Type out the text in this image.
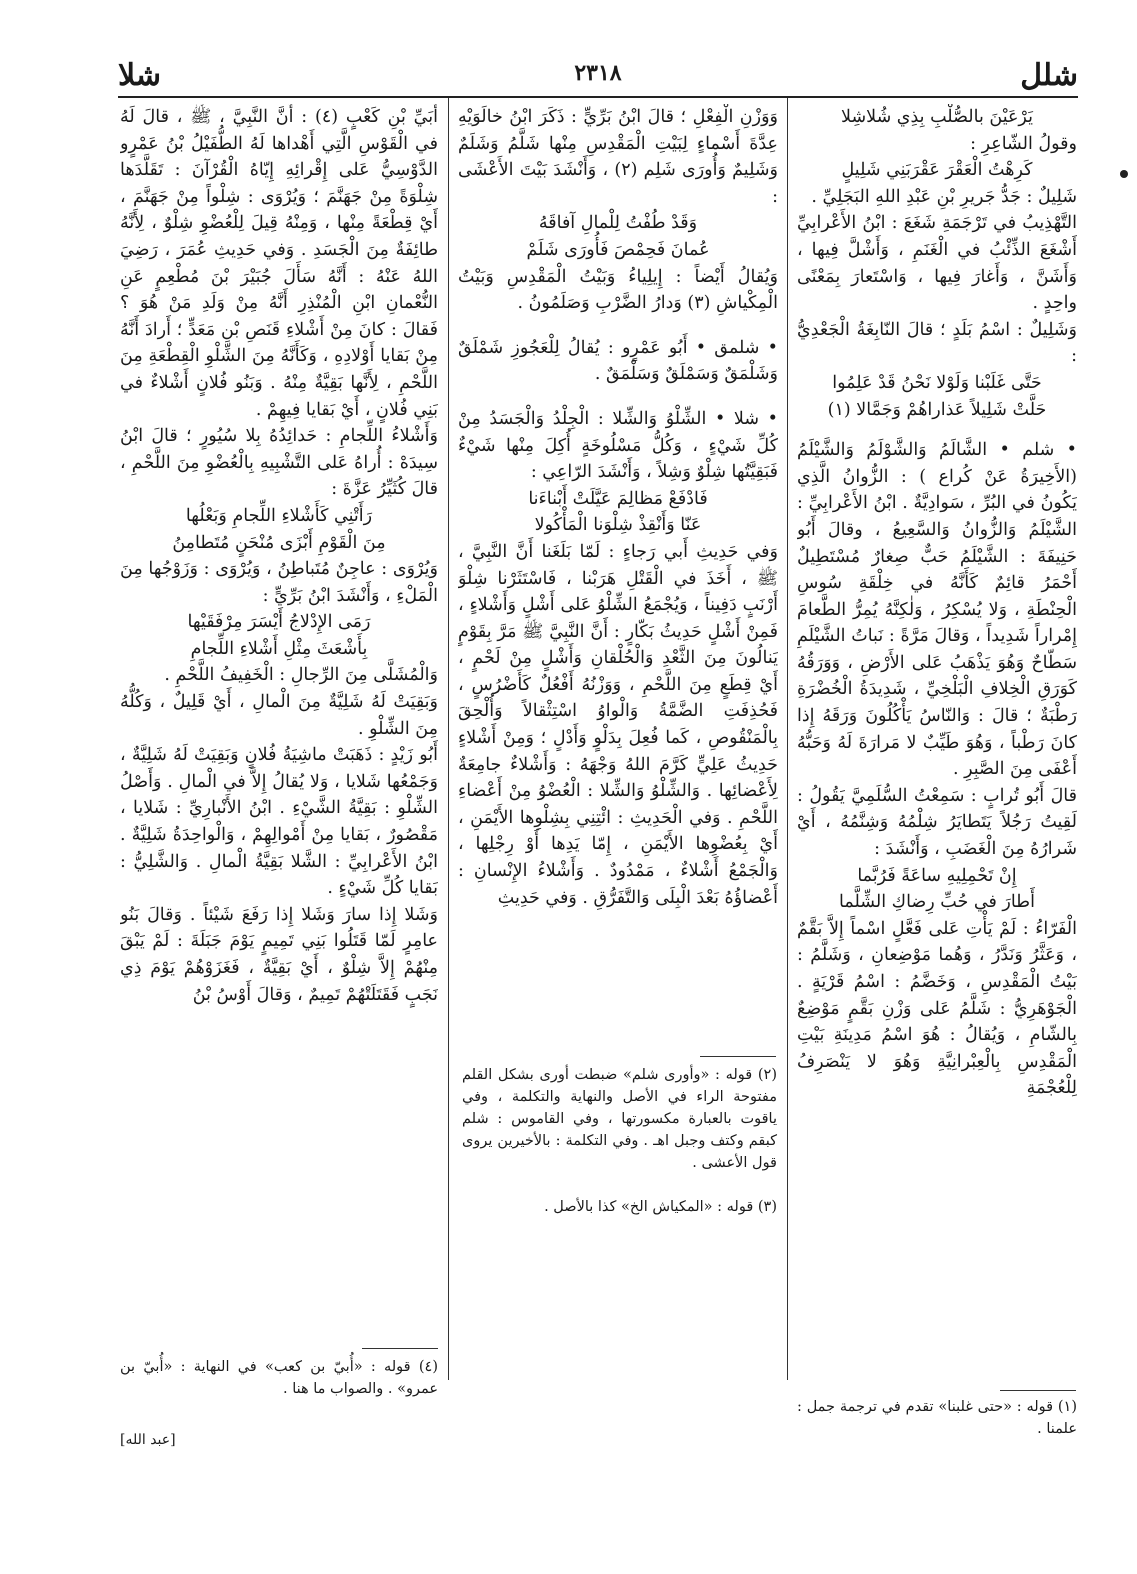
شلل
٢٣١٨
شلا

يَرْعَيْنَ بالصُّلْبِ بِذِي شُلاشِلا

وقولُ الشّاعِرِ :

كَرِهْتُ الْعَقْرَ عَقْرَبَنِي شَلِيلٍ

شَلِيلٌ : جَدُّ جَريرِ بْنِ عَبْدِ اللهِ البَجَلِيِّ .

التَّهْذِيبُ في تَرْجَمَةِ شَغَعَ : ابْنُ الأَعْرابِيِّ أَشْغَعَ الذِّئْبُ في الْغَنَمِ ، وَأَشْلَّ فِيها ، وَأَشَنَّ ، وَأَغارَ فِيها ، وَاسْتَعارَ بِمَعْنًى واحِدٍ .

وَشَلِيلٌ : اسْمُ بَلَدٍ ؛ قالَ النّابِغَةُ الْجَعْدِيُّ :

حَتَّى غَلَبْنا وَلَوْلا نَحْنُ قَدْ عَلِمُوا

حَلَّتْ شَلِيلاً عَذاراهُمْ وَجَمَّالا (١)

• شلم • الشَّالَمُ وَالشَّوْلَمُ وَالشَّيْلَمُ (الأَخِيرَةُ عَنْ كُراع ) : الزُّوانُ الَّذِي يَكُونُ في البُرِّ ، سَوادِيَّةٌ . ابْنُ الأَعْرابِيِّ : الشَّيْلَمُ وَالزُّوانُ وَالسَّعِيعُ ، وقالَ أَبُو حَنِيفَةَ : الشَّيْلَمُ حَبٌّ صِغارٌ مُسْتَطِيلٌ أَحْمَرُ قائِمٌ كَأَنَّهُ في خِلْقَةِ سُوسِ الْحِنْطَةِ ، وَلا يُسْكِرُ ، وَلٰكِنَّهُ يُمِرُّ الطَّعامَ إِمْراراً شَدِيداً ، وَقالَ مَرَّةً : نَباتُ الشَّيْلَمِ سَطّاحٌ وَهُوَ يَذْهَبُ عَلى الأَرْضِ ، وَوَرَقُهُ كَوَرَقِ الْخِلافِ الْبَلْخِيِّ ، شَدِيدَةُ الْخُضْرَةِ رَطْبَةٌ ؛ قالَ : وَالنّاسُ يَأْكُلُونَ وَرَقَهُ إِذا كانَ رَطْباً ، وَهُوَ طَيِّبٌ لا مَرارَةَ لَهُ وَحَبُّهُ أَعْفَى مِنَ الصَّبِرِ .

قالَ أَبُو تُرابٍ : سَمِعْتُ السُّلَمِيَّ يَقُولُ : لَقِيتُ رَجُلاً يَتَطايَرُ شِلْمُهُ وَشِنَّمُهُ ، أَيْ شَرارُهُ مِنَ الْغَضَبِ ، وَأَنْشَدَ :

إِنْ تَحْمِلِيهِ ساعَةً فَرُبَّما

أَطارَ في حُبِّ رِضاكِ الشِّلَّما

الْفَرّاءُ : لَمْ يَأْتِ عَلى فَعَّلٍ اسْماً إِلاَّ بَقَّمٌ ، وَعَثَّرُ وَنَدَّرُ ، وَهُما مَوْضِعانِ ، وَشَلَّمُ : بَيْتُ الْمَقْدِسِ ، وَخَضَّمُ : اسْمُ قَرْيَةٍ . الْجَوْهَرِيُّ : شَلَّمُ عَلى وَزْنِ بَقَّمٍ مَوْضِعٌ بِالشّامِ ، وَيُقالُ : هُوَ اسْمُ مَدِينَةِ بَيْتِ الْمَقْدِسِ بِالْعِبْرانِيَّةِ وَهُوَ لا يَنْصَرِفُ لِلْعُجْمَةِ

وَوَزْنِ الْفِعْلِ ؛ قالَ ابْنُ بَرِّيٍّ : ذَكَرَ ابْنُ خالَوَيْهِ عِدَّةَ أَسْماءٍ لِبَيْتِ الْمَقْدِسِ مِنْها شَلَّمُ وَشَلَمٌ وَشَلِيمٌ وَأُورَى شَلِم (٢) ، وَأَنْشَدَ بَيْتَ الأَعْشَى :

وَقَدْ طُفْتُ لِلْمالِ آفاقَهُ

عُمانَ فَحِمْصَ فَأُورَى شَلَمْ

وَيُقالُ أَيْضاً : إِيلِياءُ وَبَيْتُ الْمَقْدِسِ وَبَيْتُ الْمِكْياشِ (٣) وَدارُ الضَّرْبِ وَصَلَمُونُ .

• شلمق • أَبُو عَمْرٍو : يُقالُ لِلْعَجُوزِ شَمْلَقٌ وَشَلْمَقٌ وَسَمْلَقٌ وَسَلْمَقٌ .

• شلا • الشِّلْوُ وَالشِّلا : الْجِلْدُ وَالْجَسَدُ مِنْ كُلِّ شَيْءٍ ، وَكُلُّ مَسْلُوخَةٍ أُكِلَ مِنْها شَيْءٌ فَبَقِيَّتُها شِلْوٌ وَشِلاً ، وَأَنْشَدَ الرّاعِي :

فَادْفَعْ مَظالِمَ عَيَّلَتْ أَبْناءَنا

عَنّا وَأَنْقِذْ شِلْوَنا الْمَأْكُولا

وَفي حَدِيثِ أَبي رَجاءٍ : لَمّا بَلَغَنا أَنَّ النَّبِيَّ ، ﷺ ، أَخَذَ في الْقَتْلِ هَرَبْنا ، فَاسْتَثَرْنا شِلْوَ أَرْنَبٍ دَفِيناً ، وَيُجْمَعُ الشِّلْوُ عَلى أَشْلٍ وَأَشْلاءٍ ، فَمِنْ أَشْلٍ حَدِيثُ بَكّارٍ : أَنَّ النَّبِيَّ ﷺ مَرَّ بِقَوْمٍ يَنالُونَ مِنَ الثَّعْدِ وَالْحُلْقانِ وَأَشْلٍ مِنْ لَحْمٍ ، أَيْ قِطَعٍ مِنَ اللَّحْمِ ، وَوَزْنُهُ أَفْعُلٌ كَأَضْرُسٍ ، فَحُذِفَتِ الضَّمَّةُ وَالْواوُ اسْتِثْقالاً وَأُلْحِقَ بِالْمَنْقُوصِ ، كَما فُعِلَ بِدَلْوٍ وَأَدْلٍ ؛ وَمِنْ أَشْلاءٍ حَدِيثُ عَلِيٍّ كَرَّمَ اللهُ وَجْهَهُ : وَأَشْلاءٌ جامِعَةٌ لِأَعْضائِها . وَالشِّلْوُ وَالشِّلا : الْعُضْوُ مِنْ أَعْضاءِ اللَّحْمِ . وَفي الْحَدِيثِ : ائْتِنِي بِشِلْوِها الأَيْمَنِ ، أَيْ بِعُضْوِها الأَيْمَنِ ، إِمّا يَدِها أَوْ رِجْلِها ، وَالْجَمْعُ أَشْلاءٌ ، مَمْدُودٌ . وَأَشْلاءُ الإِنْسانِ : أَعْضاؤُهُ بَعْدَ الْبِلَى وَالتَّفَرُّقِ . وَفي حَدِيثِ

أُبَيِّ بْنِ كَعْبٍ (٤) : أَنَّ النَّبِيَّ ، ﷺ ، قالَ لَهُ في الْقَوْسِ الَّتِي أَهْداها لَهُ الطُّفَيْلُ بْنُ عَمْرٍو الدَّوْسِيُّ عَلى إِقْرائِهِ إِيّاهُ الْقُرْآنَ : تَقَلَّدَها شِلْوَةً مِنْ جَهَنَّمَ ؛ وَيُرْوَى : شِلْواً مِنْ جَهَنَّمَ ، أَيْ قِطْعَةً مِنْها ، وَمِنْهُ قِيلَ لِلْعُضْوِ شِلْوٌ ، لِأَنَّهُ طائِفَةٌ مِنَ الْجَسَدِ . وَفي حَدِيثِ عُمَرَ ، رَضِيَ اللهُ عَنْهُ : أَنَّهُ سَأَلَ جُبَيْرَ بْنَ مُطْعِمٍ عَنِ النُّعْمانِ ابْنِ الْمُنْذِرِ أَنَّهُ مِنْ وَلَدِ مَنْ هُوَ ؟ فَقالَ : كانَ مِنْ أَشْلاءِ قَنَصِ بْنِ مَعَدٍّ ؛ أَرادَ أَنَّهُ مِنْ بَقايا أَوْلادِهِ ، وَكَأَنَّهُ مِنَ الشِّلْوِ الْقِطْعَةِ مِنَ اللَّحْمِ ، لِأَنَّها بَقِيَّةٌ مِنْهُ . وَبَنُو فُلانٍ أَشْلاءٌ في بَنِي فُلانٍ ، أَيْ بَقايا فِيهِمْ .

وَأَشْلاءُ اللِّجامِ : حَدائِدُهُ بِلا سُيُورٍ ؛ قالَ ابْنُ سِيدَهْ : أُراهُ عَلى التَّشْبِيهِ بِالْعُضْوِ مِنَ اللَّحْمِ ، قالَ كُثَيِّرُ عَزَّةَ :

رَأَتْنِي كَأَشْلاءِ اللِّجامِ وَبَعْلُها

مِنَ الْقَوْمِ أَبْزَى مُنْحَنٍ مُتَطامِنُ

وَيُرْوَى : عاجِنٌ مُتَباطِنُ ، وَيُرْوَى : وَزَوْجُها مِنَ الْمَلْءِ ، وَأَنْشَدَ ابْنُ بَرِّيٍّ :

رَمَى الإِدْلاجُ أَيْسَرَ مِرْفَقَيْها

بِأَشْعَثَ مِثْلِ أَشْلاءِ اللِّجامِ

وَالْمُشَلَّى مِنَ الرِّجالِ : الْخَفِيفُ اللَّحْمِ .

وَبَقِيَتْ لَهُ شَلِيَّةٌ مِنَ الْمالِ ، أَيْ قَلِيلٌ ، وَكُلُّهُ مِنَ الشِّلْوِ .

أَبُو زَيْدٍ : ذَهَبَتْ ماشِيَةُ فُلانٍ وَبَقِيَتْ لَهُ شَلِيَّةٌ ، وَجَمْعُها شَلايا ، وَلا يُقالُ إِلاَّ في الْمالِ . وَأَصْلُ الشِّلْوِ : بَقِيَّةُ الشَّيْءِ . ابْنُ الأَنْبارِيِّ : شَلايا ، مَقْصُورٌ ، بَقايا مِنْ أَمْوالِهِمْ ، وَالْواحِدَةُ شَلِيَّةٌ . ابْنُ الأَعْرابِيِّ : الشَّلا بَقِيَّةُ الْمالِ . وَالشَّلِيُّ : بَقايا كُلِّ شَيْءٍ .

وَشَلا إِذا سارَ وَشَلا إِذا رَفَعَ شَيْئاً . وَقالَ بَنُو عامِرٍ لَمّا قَتَلُوا بَنِي تَمِيمٍ يَوْمَ جَبَلَةَ : لَمْ يَبْقَ مِنْهُمْ إِلاَّ شِلْوٌ ، أَيْ بَقِيَّةٌ ، فَغَزَوْهُمْ يَوْمَ ذِي نَجَبٍ فَقَتَلَتْهُمْ تَمِيمٌ ، وَقالَ أَوْسُ بْنُ

(١) قوله : «حتى غلبنا» تقدم في ترجمة جمل : علمنا .
(٢) قوله : «وأورى شلم» ضبطت أورى بشكل القلم مفتوحة الراء في الأصل والنهاية والتكلمة ، وفي ياقوت بالعبارة مكسورتها ، وفي القاموس : شلم كبقم وكتف وجبل اهـ . وفي التكلمة : بالأخيرين يروى قول الأعشى .
(٣) قوله : «المكياش الخ» كذا بالأصل .
(٤) قوله : «أُبيّ بن كعب» في النهاية : «أُبيّ بن عمرو» . والصواب ما هنا .
[عبد الله]
